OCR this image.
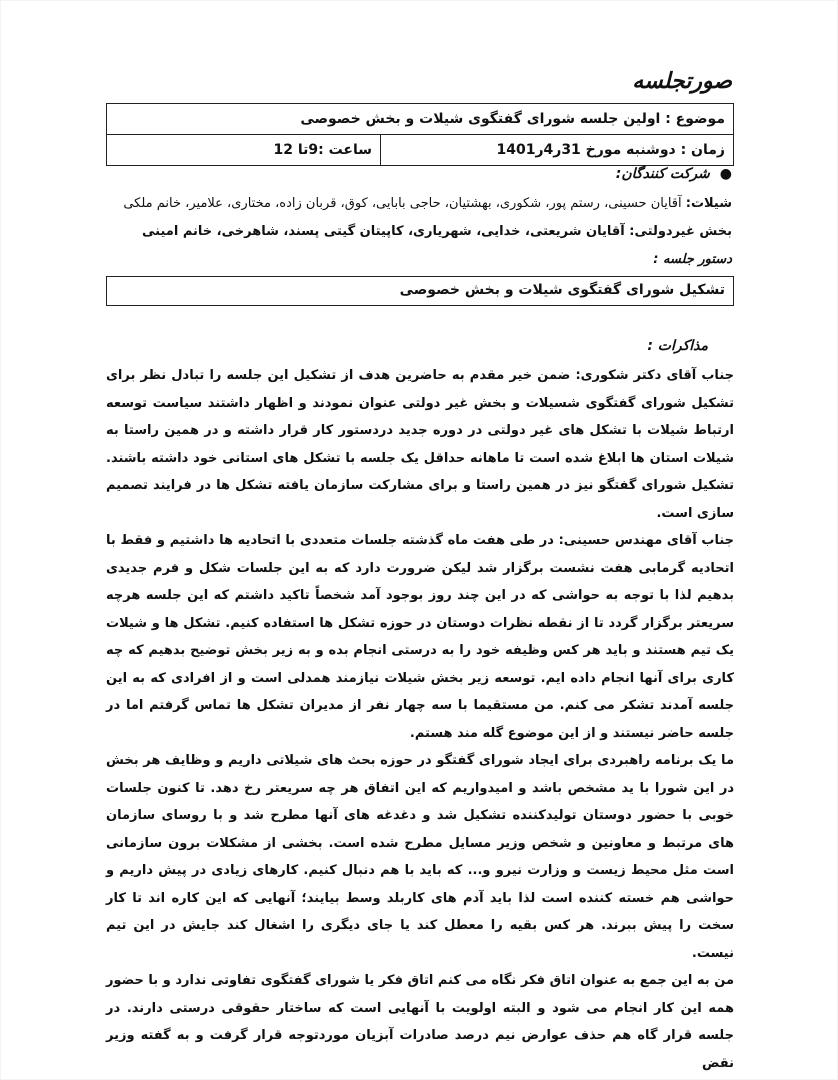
صورتجلسه
موضوع : اولین جلسه شورای گفتگوی شیلات و بخش خصوصی
زمان : دوشنبه مورخ 31ر4ر1401	ساعت :9تا 12
●شرکت کنندگان:
شیلات: آقایان حسینی، رستم پور، شکوری، بهشتیان، حاجی بابایی، کوق، قربان زاده، مختاری، علامیر، خانم ملکی
بخش غیردولتی: آقایان شریعتی، خدایی، شهریاری، کاپیتان گیتی پسند، شاهرخی، خانم امینی
دستور جلسه :
تشکیل شورای گفتگوی شیلات و بخش خصوصی
مذاکرات :

جناب آقای دکتر شکوری: ضمن خیر مقدم به حاضرین هدف از تشکیل این جلسه را تبادل نظر برای تشکیل شورای گفتگوی شسیلات و بخش غیر دولتی عنوان نمودند و اظهار داشتند سیاست توسعه ارتباط شیلات با تشکل های غیر دولتی در دوره جدید دردستور کار قرار داشته و در همین راستا به شیلات استان ها ابلاغ شده است تا ماهانه حداقل یک جلسه با تشکل های استانی خود داشته باشند. تشکیل شورای گفتگو نیز در همین راستا و برای مشارکت سازمان یافته تشکل ها در فرایند تصمیم سازی است.

جناب آقای مهندس حسینی: در طی هفت ماه گذشته جلسات متعددی با اتحادیه ها داشتیم و فقط با اتحادیه گرمابی هفت نشست برگزار شد لیکن ضرورت دارد که به این جلسات شکل و فرم جدیدی بدهیم لذا با توجه به حواشی که در این چند روز بوجود آمد شخصاً تاکید داشتم که این جلسه هرچه سریعتر برگزار گردد تا از نقطه نظرات دوستان در حوزه تشکل ها استفاده کنیم. تشکل ها و شیلات یک تیم هستند و باید هر کس وظیفه خود را به درستی انجام بده و به زیر بخش توضیح بدهیم که چه کاری برای آنها انجام داده ایم. توسعه زیر بخش شیلات نیازمند همدلی است و از افرادی که به این جلسه آمدند تشکر می کنم. من مستقیما با سه چهار نفر از مدیران تشکل ها تماس گرفتم اما در جلسه حاضر نیستند و از این موضوع گله مند هستم.

ما یک برنامه راهبردی برای ایجاد شورای گفتگو در حوزه بحث های شیلاتی داریم و وظایف هر بخش در این شورا با ید مشخص باشد و امیدواریم که این اتفاق هر چه سریعتر رخ دهد. تا کنون جلسات خوبی با حضور دوستان تولیدکننده تشکیل شد و دغدغه های آنها مطرح شد و با روسای سازمان های مرتبط و معاونین و شخص وزیر مسایل مطرح شده است. بخشی از مشکلات برون سازمانی است مثل محیط زیست و وزارت نیرو و... که باید با هم دنبال کنیم. کارهای زیادی در پیش داریم و حواشی هم خسته کننده است لذا باید آدم های کاربلد وسط بیایند؛ آنهایی که این کاره اند تا کار سخت را پیش ببرند. هر کس بقیه را معطل کند یا جای دیگری را اشغال کند جایش در این تیم نیست.

من به این جمع به عنوان اتاق فکر نگاه می کنم اتاق فکر یا شورای گفتگوی تفاوتی ندارد و با حضور همه این کار انجام می شود و البته اولویت با آنهایی است که ساختار حقوقی درستی دارند. در جلسه قرار گاه هم حذف عوارض نیم درصد صادرات آبزیان موردتوجه قرار گرفت و به گفته وزیر نقض
